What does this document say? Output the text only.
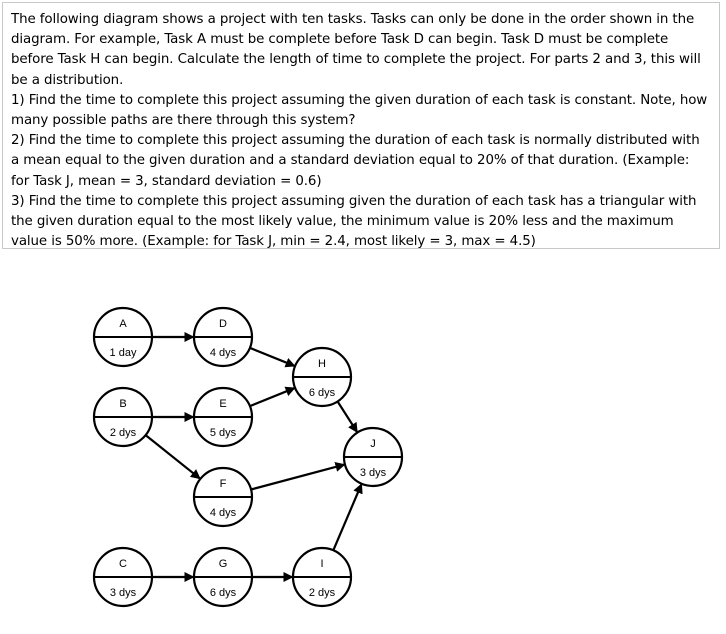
The following diagram shows a project with ten tasks. Tasks can only be done in the order shown in the diagram. For example, Task A must be complete before Task D can begin. Task D must be complete before Task H can begin. Calculate the length of time to complete the project. For parts 2 and 3, this will be a distribution.

1) Find the time to complete this project assuming the given duration of each task is constant. Note, how many possible paths are there through this system?

2) Find the time to complete this project assuming the duration of each task is normally distributed with a mean equal to the given duration and a standard deviation equal to 20% of that duration. (Example: for Task J, mean = 3, standard deviation = 0.6)

3) Find the time to complete this project assuming given the duration of each task has a triangular with the given duration equal to the most likely value, the minimum value is 20% less and the maximum value is 50% more. (Example: for Task J, min = 2.4, most likely = 3, max = 4.5)

A
1 day
B
2 dys
C
3 dys
D
4 dys
E
5 dys
F
4 dys
G
6 dys
H
6 dys
I
2 dys
J
3 dys
